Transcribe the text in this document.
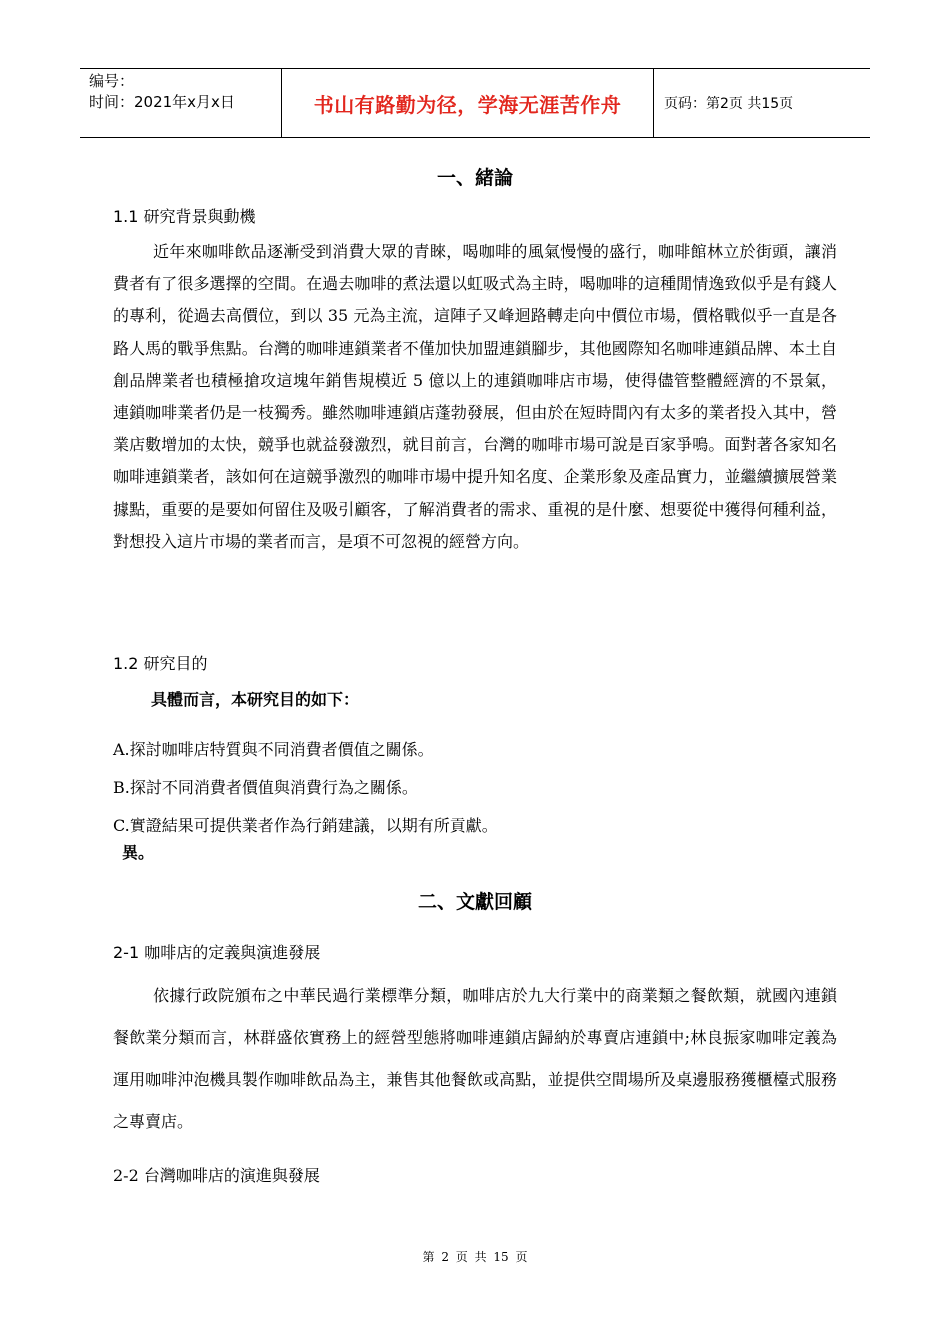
编号：
时间：2021年x月x日	书山有路勤为径，学海无涯苦作舟	页码：第2页 共15页
一、緒論
1.1 研究背景與動機

近年來咖啡飲品逐漸受到消費大眾的青睞，喝咖啡的風氣慢慢的盛行，咖啡館林立於街頭，讓消費者有了很多選擇的空間。在過去咖啡的煮法還以虹吸式為主時，喝咖啡的這種閒情逸致似乎是有錢人的專利，從過去高價位，到以 35 元為主流，這陣子又峰迴路轉走向中價位市場，價格戰似乎一直是各路人馬的戰爭焦點。台灣的咖啡連鎖業者不僅加快加盟連鎖腳步，其他國際知名咖啡連鎖品牌、本土自創品牌業者也積極搶攻這塊年銷售規模近 5 億以上的連鎖咖啡店市場，使得儘管整體經濟的不景氣，連鎖咖啡業者仍是一枝獨秀。雖然咖啡連鎖店蓬勃發展，但由於在短時間內有太多的業者投入其中，營業店數增加的太快，競爭也就益發激烈，就目前言，台灣的咖啡市場可說是百家爭鳴。面對著各家知名咖啡連鎖業者，該如何在這競爭激烈的咖啡市場中提升知名度、企業形象及產品實力，並繼續擴展營業據點，重要的是要如何留住及吸引顧客，了解消費者的需求、重視的是什麼、想要從中獲得何種利益，對想投入這片市場的業者而言，是項不可忽視的經營方向。

1.2 研究目的
具體而言，本研究目的如下：
A.探討咖啡店特質與不同消費者價值之關係。
B.探討不同消費者價值與消費行為之關係。
C.實證結果可提供業者作為行銷建議，以期有所貢獻。
異。
二、文獻回顧
2-1 咖啡店的定義與演進發展

依據行政院頒布之中華民過行業標準分類，咖啡店於九大行業中的商業類之餐飲類，就國內連鎖餐飲業分類而言，林群盛依實務上的經營型態將咖啡連鎖店歸納於專賣店連鎖中;林良振家咖啡定義為運用咖啡沖泡機具製作咖啡飲品為主，兼售其他餐飲或高點，並提供空間場所及桌邊服務獲櫃檯式服務之專賣店。

2-2 台灣咖啡店的演進與發展
第 2 页 共 15 页
